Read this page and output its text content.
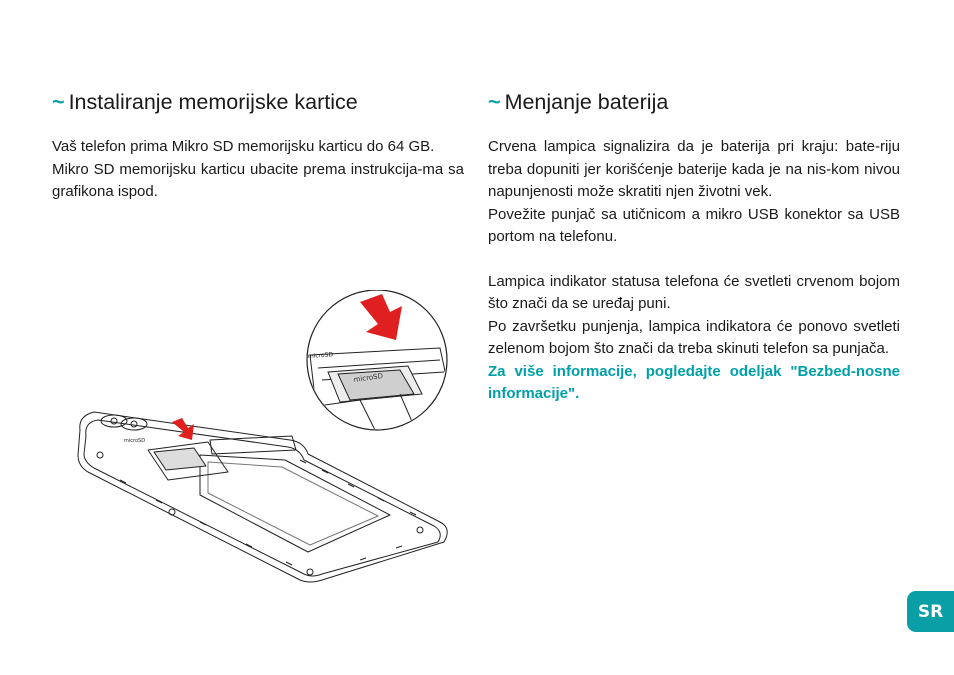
~ Instaliranje memorijske kartice

Vaš telefon prima Mikro SD memorijsku karticu do 64 GB.

Mikro SD memorijsku karticu ubacite prema instrukcija-ma sa grafikona ispod.

~ Menjanje baterija

Crvena lampica signalizira da je baterija pri kraju: bate-riju treba dopuniti jer korišćenje baterije kada je na nis-kom nivou napunjenosti može skratiti njen životni vek.

Povežite punjač sa utičnicom a mikro USB konektor sa USB portom na telefonu.

Lampica indikator statusa telefona će svetleti crvenom bojom što znači da se uređaj puni.

Po završetku punjenja, lampica indikatora će ponovo svetleti zelenom bojom što znači da treba skinuti telefon sa punjača.

Za više informacije, pogledajte odeljak "Bezbed-nosne informacije".

microSD
microSD
microSD
SR
